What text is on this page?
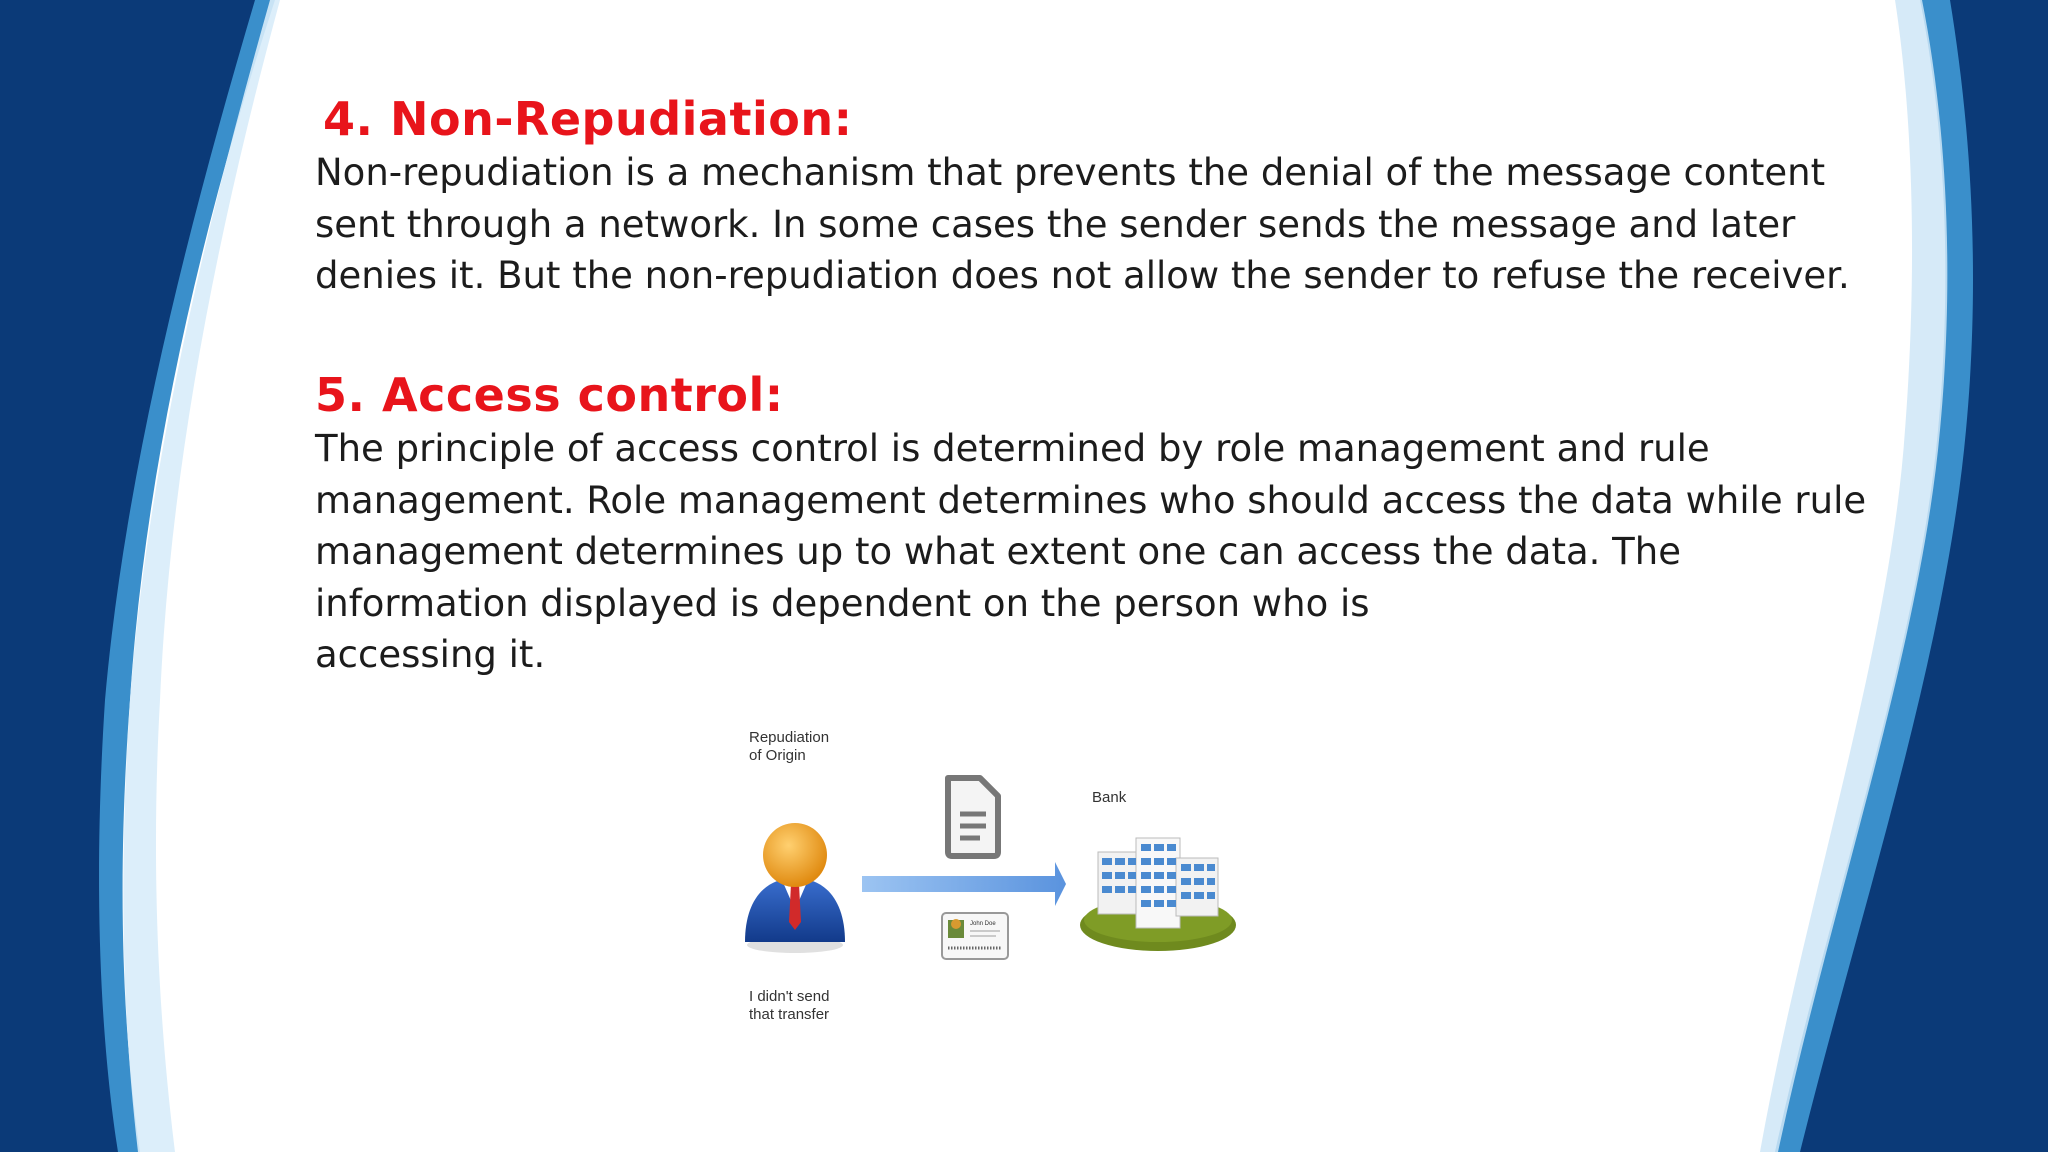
4. Non-Repudiation:

Non-repudiation is a mechanism that prevents the denial of the message content
sent through a network. In some cases the sender sends the message and later
denies it. But the non-repudiation does not allow the sender to refuse the receiver.

5. Access control:

The principle of access control is determined by role management and rule
management. Role management determines who should access the data while rule
management determines up to what extent one can access the data. The
information displayed is dependent on the person who is
accessing it.

Repudiation
of Origin
Bank
I didn't send
that transfer
John Doe
